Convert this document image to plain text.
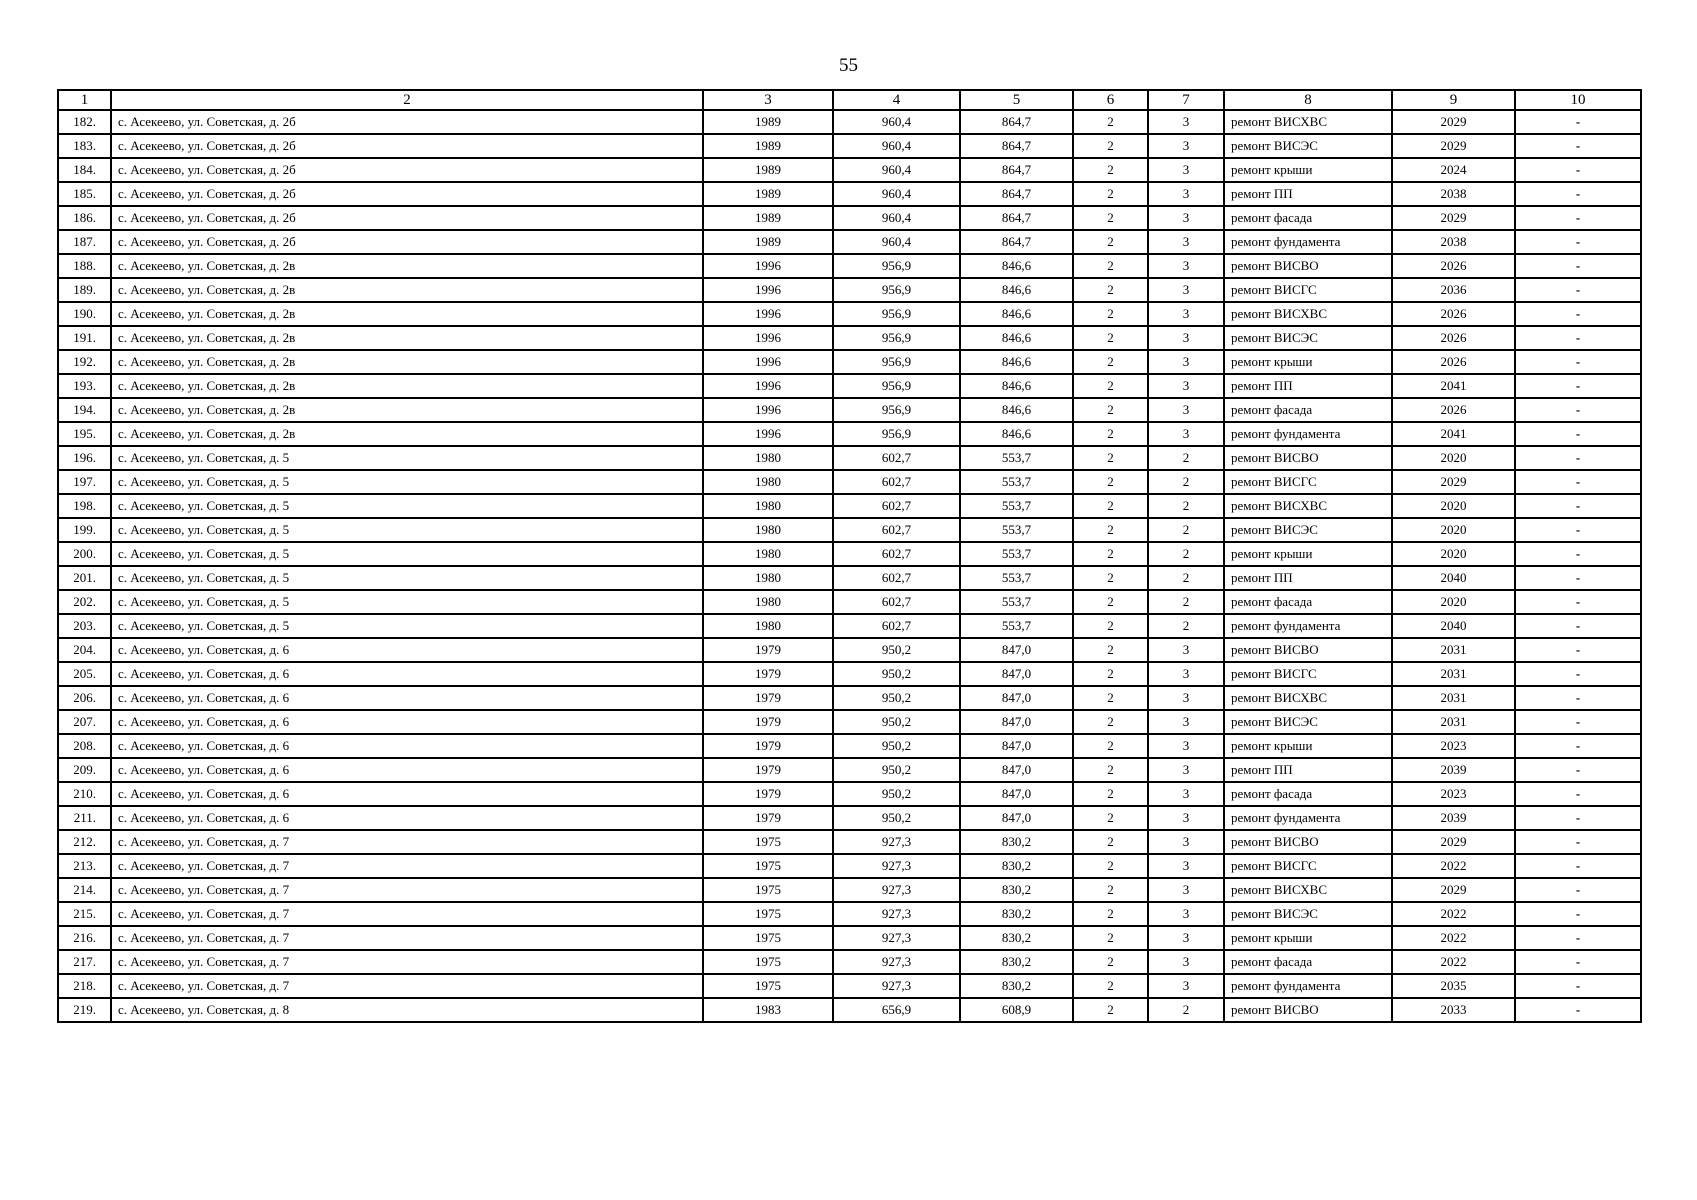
55
1	2	3	4	5	6	7	8	9	10
182.	с. Асекеево, ул. Советская, д. 2б	1989	960,4	864,7	2	3	ремонт ВИСХВС	2029	-
183.	с. Асекеево, ул. Советская, д. 2б	1989	960,4	864,7	2	3	ремонт ВИСЭС	2029	-
184.	с. Асекеево, ул. Советская, д. 2б	1989	960,4	864,7	2	3	ремонт крыши	2024	-
185.	с. Асекеево, ул. Советская, д. 2б	1989	960,4	864,7	2	3	ремонт ПП	2038	-
186.	с. Асекеево, ул. Советская, д. 2б	1989	960,4	864,7	2	3	ремонт фасада	2029	-
187.	с. Асекеево, ул. Советская, д. 2б	1989	960,4	864,7	2	3	ремонт фундамента	2038	-
188.	с. Асекеево, ул. Советская, д. 2в	1996	956,9	846,6	2	3	ремонт ВИСВО	2026	-
189.	с. Асекеево, ул. Советская, д. 2в	1996	956,9	846,6	2	3	ремонт ВИСГС	2036	-
190.	с. Асекеево, ул. Советская, д. 2в	1996	956,9	846,6	2	3	ремонт ВИСХВС	2026	-
191.	с. Асекеево, ул. Советская, д. 2в	1996	956,9	846,6	2	3	ремонт ВИСЭС	2026	-
192.	с. Асекеево, ул. Советская, д. 2в	1996	956,9	846,6	2	3	ремонт крыши	2026	-
193.	с. Асекеево, ул. Советская, д. 2в	1996	956,9	846,6	2	3	ремонт ПП	2041	-
194.	с. Асекеево, ул. Советская, д. 2в	1996	956,9	846,6	2	3	ремонт фасада	2026	-
195.	с. Асекеево, ул. Советская, д. 2в	1996	956,9	846,6	2	3	ремонт фундамента	2041	-
196.	с. Асекеево, ул. Советская, д. 5	1980	602,7	553,7	2	2	ремонт ВИСВО	2020	-
197.	с. Асекеево, ул. Советская, д. 5	1980	602,7	553,7	2	2	ремонт ВИСГС	2029	-
198.	с. Асекеево, ул. Советская, д. 5	1980	602,7	553,7	2	2	ремонт ВИСХВС	2020	-
199.	с. Асекеево, ул. Советская, д. 5	1980	602,7	553,7	2	2	ремонт ВИСЭС	2020	-
200.	с. Асекеево, ул. Советская, д. 5	1980	602,7	553,7	2	2	ремонт крыши	2020	-
201.	с. Асекеево, ул. Советская, д. 5	1980	602,7	553,7	2	2	ремонт ПП	2040	-
202.	с. Асекеево, ул. Советская, д. 5	1980	602,7	553,7	2	2	ремонт фасада	2020	-
203.	с. Асекеево, ул. Советская, д. 5	1980	602,7	553,7	2	2	ремонт фундамента	2040	-
204.	с. Асекеево, ул. Советская, д. 6	1979	950,2	847,0	2	3	ремонт ВИСВО	2031	-
205.	с. Асекеево, ул. Советская, д. 6	1979	950,2	847,0	2	3	ремонт ВИСГС	2031	-
206.	с. Асекеево, ул. Советская, д. 6	1979	950,2	847,0	2	3	ремонт ВИСХВС	2031	-
207.	с. Асекеево, ул. Советская, д. 6	1979	950,2	847,0	2	3	ремонт ВИСЭС	2031	-
208.	с. Асекеево, ул. Советская, д. 6	1979	950,2	847,0	2	3	ремонт крыши	2023	-
209.	с. Асекеево, ул. Советская, д. 6	1979	950,2	847,0	2	3	ремонт ПП	2039	-
210.	с. Асекеево, ул. Советская, д. 6	1979	950,2	847,0	2	3	ремонт фасада	2023	-
211.	с. Асекеево, ул. Советская, д. 6	1979	950,2	847,0	2	3	ремонт фундамента	2039	-
212.	с. Асекеево, ул. Советская, д. 7	1975	927,3	830,2	2	3	ремонт ВИСВО	2029	-
213.	с. Асекеево, ул. Советская, д. 7	1975	927,3	830,2	2	3	ремонт ВИСГС	2022	-
214.	с. Асекеево, ул. Советская, д. 7	1975	927,3	830,2	2	3	ремонт ВИСХВС	2029	-
215.	с. Асекеево, ул. Советская, д. 7	1975	927,3	830,2	2	3	ремонт ВИСЭС	2022	-
216.	с. Асекеево, ул. Советская, д. 7	1975	927,3	830,2	2	3	ремонт крыши	2022	-
217.	с. Асекеево, ул. Советская, д. 7	1975	927,3	830,2	2	3	ремонт фасада	2022	-
218.	с. Асекеево, ул. Советская, д. 7	1975	927,3	830,2	2	3	ремонт фундамента	2035	-
219.	с. Асекеево, ул. Советская, д. 8	1983	656,9	608,9	2	2	ремонт ВИСВО	2033	-
